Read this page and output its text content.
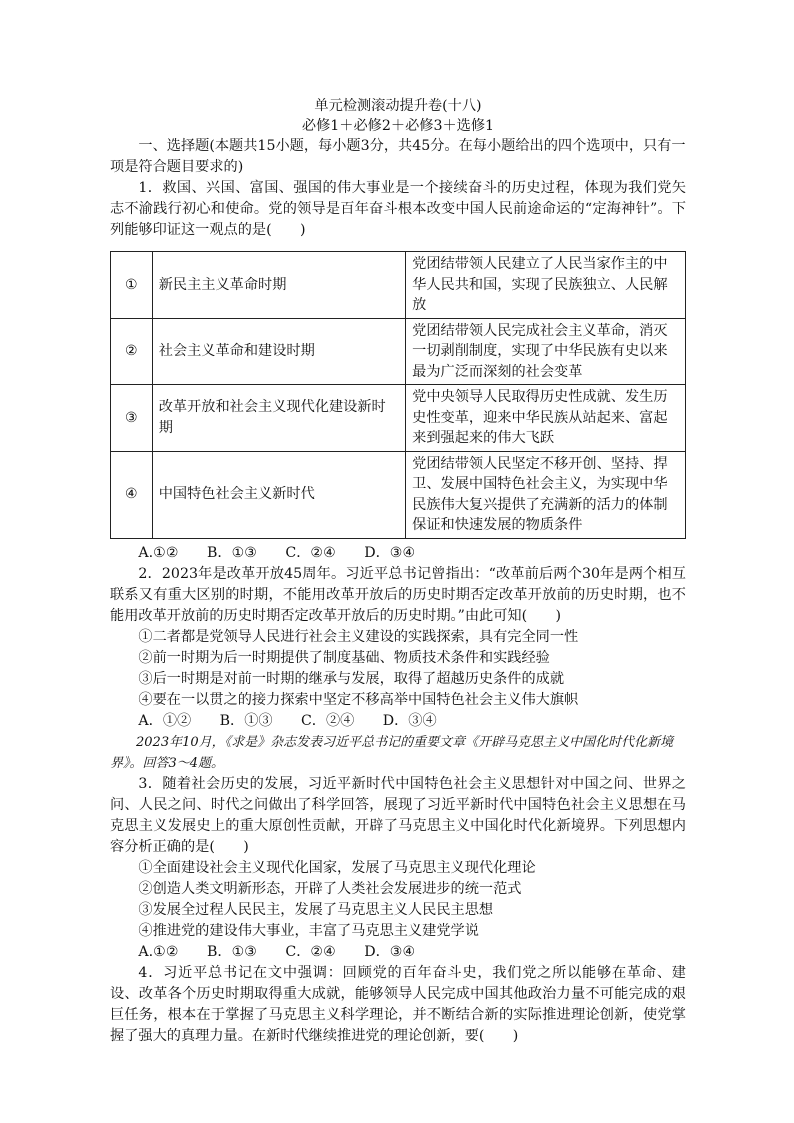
单元检测滚动提升卷(十八)
必修1＋必修2＋必修3＋选修1
一、选择题(本题共15小题，每小题3分，共45分。在每小题给出的四个选项中，只有一项是符合题目要求的)
1．救国、兴国、富国、强国的伟大事业是一个接续奋斗的历史过程，体现为我们党矢志不渝践行初心和使命。党的领导是百年奋斗根本改变中国人民前途命运的“定海神针”。下列能够印证这一观点的是(　　)
①	新民主主义革命时期	党团结带领人民建立了人民当家作主的中华人民共和国，实现了民族独立、人民解放
②	社会主义革命和建设时期	党团结带领人民完成社会主义革命，消灭一切剥削制度，实现了中华民族有史以来最为广泛而深刻的社会变革
③	改革开放和社会主义现代化建设新时期	党中央领导人民取得历史性成就、发生历史性变革，迎来中华民族从站起来、富起来到强起来的伟大飞跃
④	中国特色社会主义新时代	党团结带领人民坚定不移开创、坚持、捍卫、发展中国特色社会主义，为实现中华民族伟大复兴提供了充满新的活力的体制保证和快速发展的物质条件
A.①②　　B．①③　　C．②④　　D．③④
2．2023年是改革开放45周年。习近平总书记曾指出：“改革前后两个30年是两个相互联系又有重大区别的时期，不能用改革开放后的历史时期否定改革开放前的历史时期，也不能用改革开放前的历史时期否定改革开放后的历史时期。”由此可知(　　)
①二者都是党领导人民进行社会主义建设的实践探索，具有完全同一性
②前一时期为后一时期提供了制度基础、物质技术条件和实践经验
③后一时期是对前一时期的继承与发展，取得了超越历史条件的成就
④要在一以贯之的接力探索中坚定不移高举中国特色社会主义伟大旗帜
A．①②　　B．①③　　C．②④　　D．③④
2023年10月，《求是》杂志发表习近平总书记的重要文章《开辟马克思主义中国化时代化新境界》。回答3～4题。
3．随着社会历史的发展，习近平新时代中国特色社会主义思想针对中国之问、世界之问、人民之问、时代之问做出了科学回答，展现了习近平新时代中国特色社会主义思想在马克思主义发展史上的重大原创性贡献，开辟了马克思主义中国化时代化新境界。下列思想内容分析正确的是(　　)
①全面建设社会主义现代化国家，发展了马克思主义现代化理论
②创造人类文明新形态，开辟了人类社会发展进步的统一范式
③发展全过程人民民主，发展了马克思主义人民民主思想
④推进党的建设伟大事业，丰富了马克思主义建党学说
A.①②　　B．①③　　C．②④　　D．③④
4．习近平总书记在文中强调：回顾党的百年奋斗史，我们党之所以能够在革命、建设、改革各个历史时期取得重大成就，能够领导人民完成中国其他政治力量不可能完成的艰巨任务，根本在于掌握了马克思主义科学理论，并不断结合新的实际推进理论创新，使党掌握了强大的真理力量。在新时代继续推进党的理论创新，要(　　)
